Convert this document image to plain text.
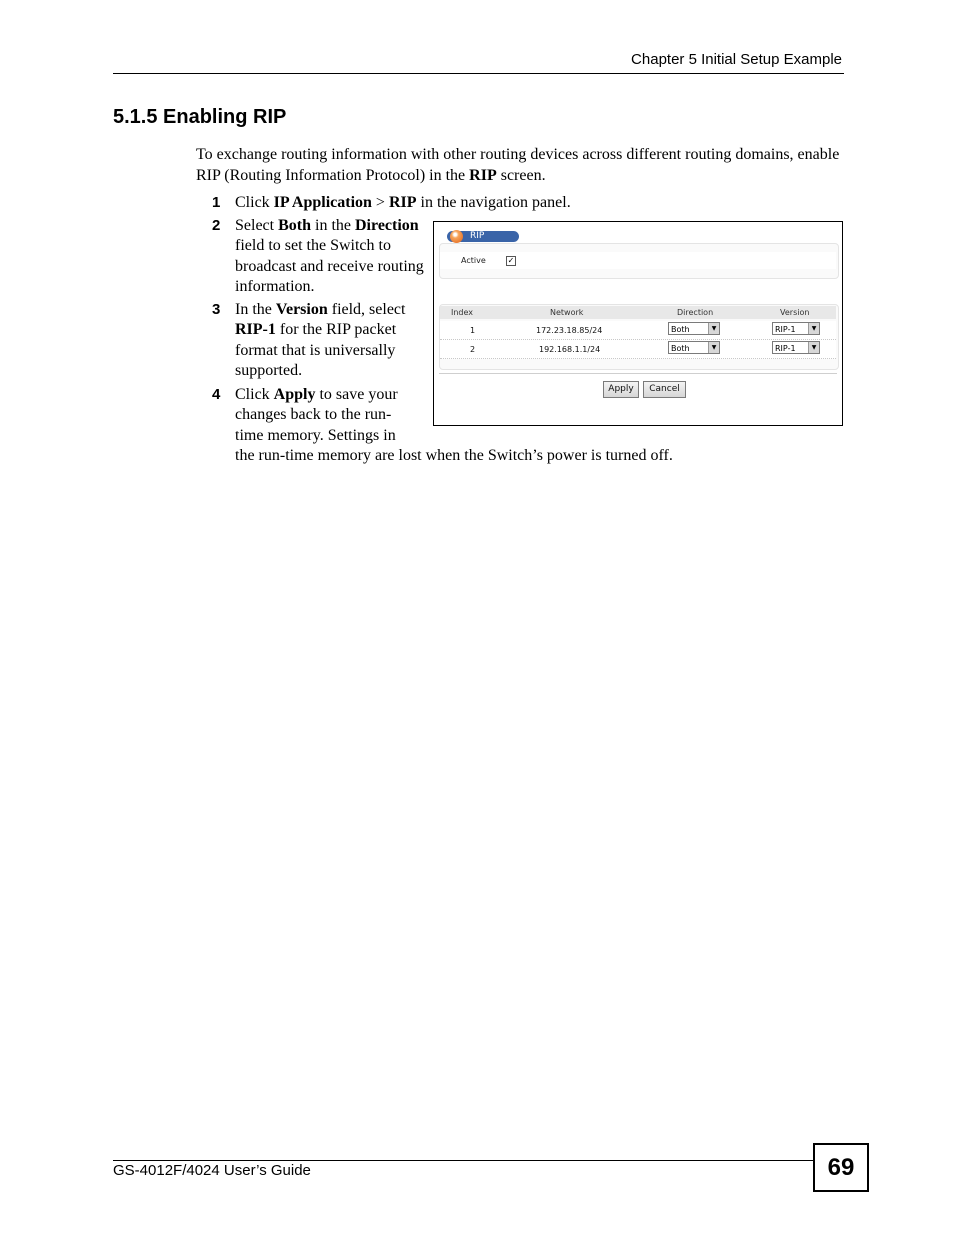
Chapter 5 Initial Setup Example
5.1.5 Enabling RIP
To exchange routing information with other routing devices across different routing domains, enable RIP (Routing Information Protocol) in the RIP screen.
1 Click IP Application > RIP in the navigation panel.
2 Select Both in the Direction field to set the Switch to broadcast and receive routing information.
3 In the Version field, select RIP-1 for the RIP packet format that is universally supported.
4 Click Apply to save your changes back to the run-time memory. Settings in the run-time memory are lost when the Switch’s power is turned off.
RIP
Active	✓
Index	Network	Direction	Version
1	172.23.18.85/24	Both	▼	RIP-1	▼
2	192.168.1.1/24	Both	▼	RIP-1	▼
Apply	Cancel
GS-4012F/4024 User’s Guide	69
